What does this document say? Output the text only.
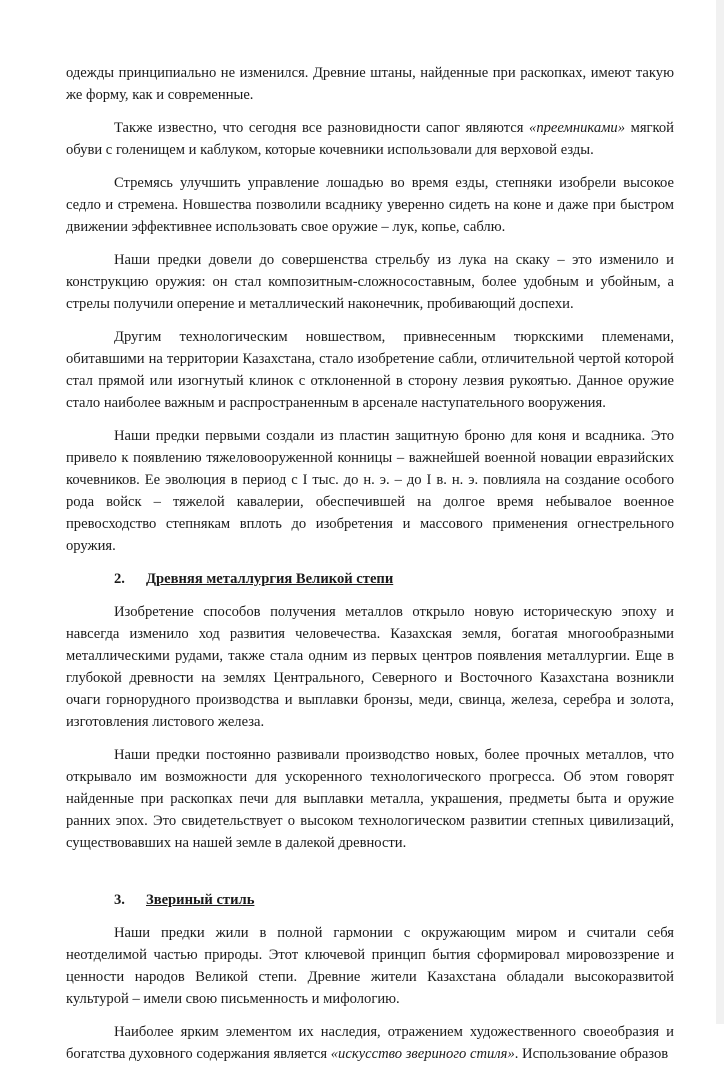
одежды принципиально не изменился. Древние штаны, найденные при раскопках, имеют такую же форму, как и современные.

Также известно, что сегодня все разновидности сапог являются «преемниками» мягкой обуви с голенищем и каблуком, которые кочевники использовали для верховой езды.

Стремясь улучшить управление лошадью во время езды, степняки изобрели высокое седло и стремена. Новшества позволили всаднику уверенно сидеть на коне и даже при быстром движении эффективнее использовать свое оружие – лук, копье, саблю.

Наши предки довели до совершенства стрельбу из лука на скаку – это изменило и конструкцию оружия: он стал композитным-сложносоставным, более удобным и убойным, а стрелы получили оперение и металлический наконечник, пробивающий доспехи.

Другим технологическим новшеством, привнесенным тюркскими племенами, обитавшими на территории Казахстана, стало изобретение сабли, отличительной чертой которой стал прямой или изогнутый клинок с отклоненной в сторону лезвия рукоятью. Данное оружие стало наиболее важным и распространенным в арсенале наступательного вооружения.

Наши предки первыми создали из пластин защитную броню для коня и всадника. Это привело к появлению тяжеловооруженной конницы – важнейшей военной новации евразийских кочевников. Ее эволюция в период с I тыс. до н. э. – до I в. н. э. повлияла на создание особого рода войск – тяжелой кавалерии, обеспечившей на долгое время небывалое военное превосходство степнякам вплоть до изобретения и массового применения огнестрельного оружия.

2. Древняя металлургия Великой степи

Изобретение способов получения металлов открыло новую историческую эпоху и навсегда изменило ход развития человечества. Казахская земля, богатая многообразными металлическими рудами, также стала одним из первых центров появления металлургии. Еще в глубокой древности на землях Центрального, Северного и Восточного Казахстана возникли очаги горнорудного производства и выплавки бронзы, меди, свинца, железа, серебра и золота, изготовления листового железа.

Наши предки постоянно развивали производство новых, более прочных металлов, что открывало им возможности для ускоренного технологического прогресса. Об этом говорят найденные при раскопках печи для выплавки металла, украшения, предметы быта и оружие ранних эпох. Это свидетельствует о высоком технологическом развитии степных цивилизаций, существовавших на нашей земле в далекой древности.

3. Звериный стиль

Наши предки жили в полной гармонии с окружающим миром и считали себя неотделимой частью природы. Этот ключевой принцип бытия сформировал мировоззрение и ценности народов Великой степи. Древние жители Казахстана обладали высокоразвитой культурой – имели свою письменность и мифологию.

Наиболее ярким элементом их наследия, отражением художественного своеобразия и богатства духовного содержания является «искусство звериного стиля». Использование образов
